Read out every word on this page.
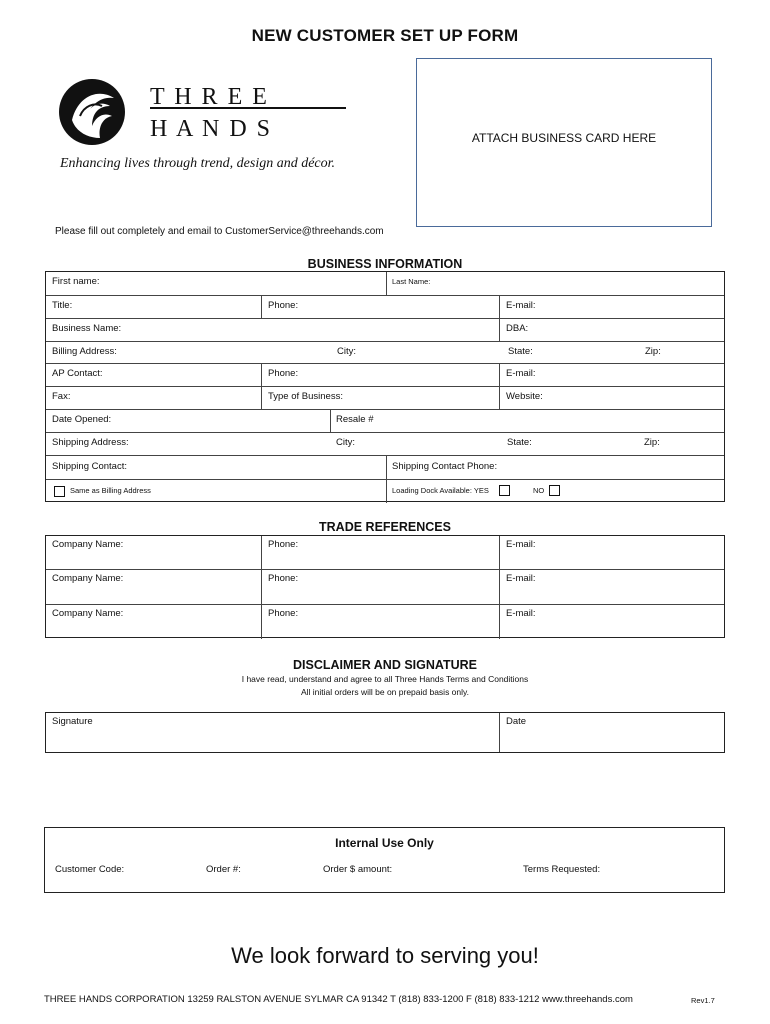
NEW CUSTOMER SET UP FORM
T H R E E
H A N D S
Enhancing lives through trend, design and décor.
ATTACH BUSINESS CARD HERE
Please fill out completely and email to CustomerService@threehands.com
BUSINESS INFORMATION
First name:	Last Name:
Title:	Phone:	E-mail:
Business Name:	DBA:
Billing Address:	City:	State:	Zip:
AP Contact:	Phone:	E-mail:
Fax:	Type of Business:	Website:
Date Opened:	Resale #
Shipping Address:	City:	State:	Zip:
Shipping Contact:	Shipping Contact Phone:
Same as Billing Address	Loading Dock Available: YES	NO
TRADE REFERENCES
Company Name:	Phone:	E-mail:
Company Name:	Phone:	E-mail:
Company Name:	Phone:	E-mail:
DISCLAIMER AND SIGNATURE
I have read, understand and agree to all Three Hands Terms and Conditions
All initial orders will be on prepaid basis only.
Signature	Date
Internal Use Only
Customer Code:	Order #:	Order $ amount:	Terms Requested:
We look forward to serving you!
THREE HANDS CORPORATION 13259 RALSTON AVENUE SYLMAR CA 91342 T (818) 833-1200 F (818) 833-1212 www.threehands.com	Rev1.7
